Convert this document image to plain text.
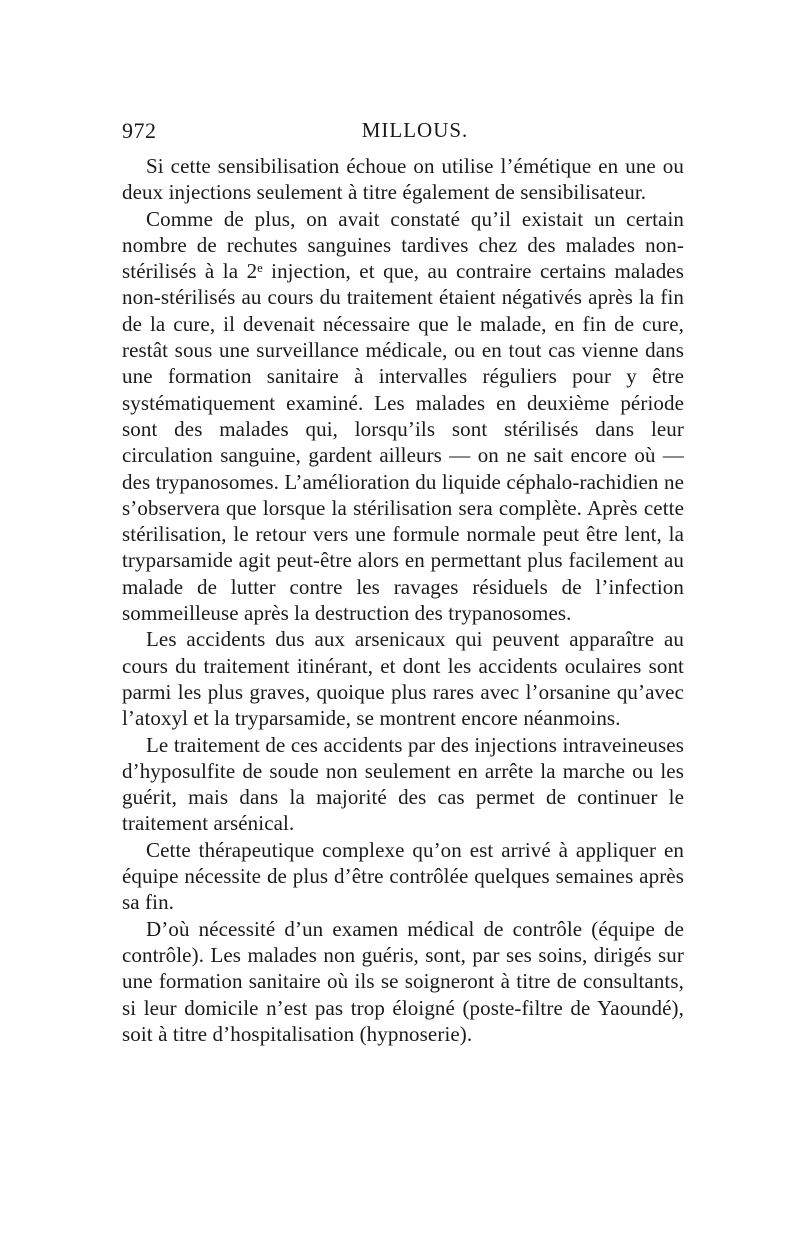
972	MILLOUS.

Si cette sensibilisation échoue on utilise l’émétique en une ou deux injections seulement à titre également de sensibilisateur.

Comme de plus, on avait constaté qu’il existait un certain nombre de rechutes sanguines tardives chez des malades non-stérilisés à la 2ᵉ injection, et que, au contraire certains malades non-stérilisés au cours du traitement étaient négativés après la fin de la cure, il devenait nécessaire que le malade, en fin de cure, restât sous une surveillance médicale, ou en tout cas vienne dans une formation sanitaire à intervalles réguliers pour y être systématiquement examiné. Les malades en deuxième période sont des malades qui, lorsqu’ils sont stérilisés dans leur circulation sanguine, gardent ailleurs — on ne sait encore où — des trypanosomes. L’amélioration du liquide céphalo-rachidien ne s’observera que lorsque la stérilisation sera complète. Après cette stérilisation, le retour vers une formule normale peut être lent, la tryparsamide agit peut-être alors en permettant plus facilement au malade de lutter contre les ravages résiduels de l’infection sommeilleuse après la destruction des trypanosomes.

Les accidents dus aux arsenicaux qui peuvent apparaître au cours du traitement itinérant, et dont les accidents oculaires sont parmi les plus graves, quoique plus rares avec l’orsanine qu’avec l’atoxyl et la tryparsamide, se montrent encore néanmoins.

Le traitement de ces accidents par des injections intraveineuses d’hyposulfite de soude non seulement en arrête la marche ou les guérit, mais dans la majorité des cas permet de continuer le traitement arsénical.

Cette thérapeutique complexe qu’on est arrivé à appliquer en équipe nécessite de plus d’être contrôlée quelques semaines après sa fin.

D’où nécessité d’un examen médical de contrôle (équipe de contrôle). Les malades non guéris, sont, par ses soins, dirigés sur une formation sanitaire où ils se soigneront à titre de consultants, si leur domicile n’est pas trop éloigné (poste-filtre de Yaoundé), soit à titre d’hospitalisation (hypnoserie).
